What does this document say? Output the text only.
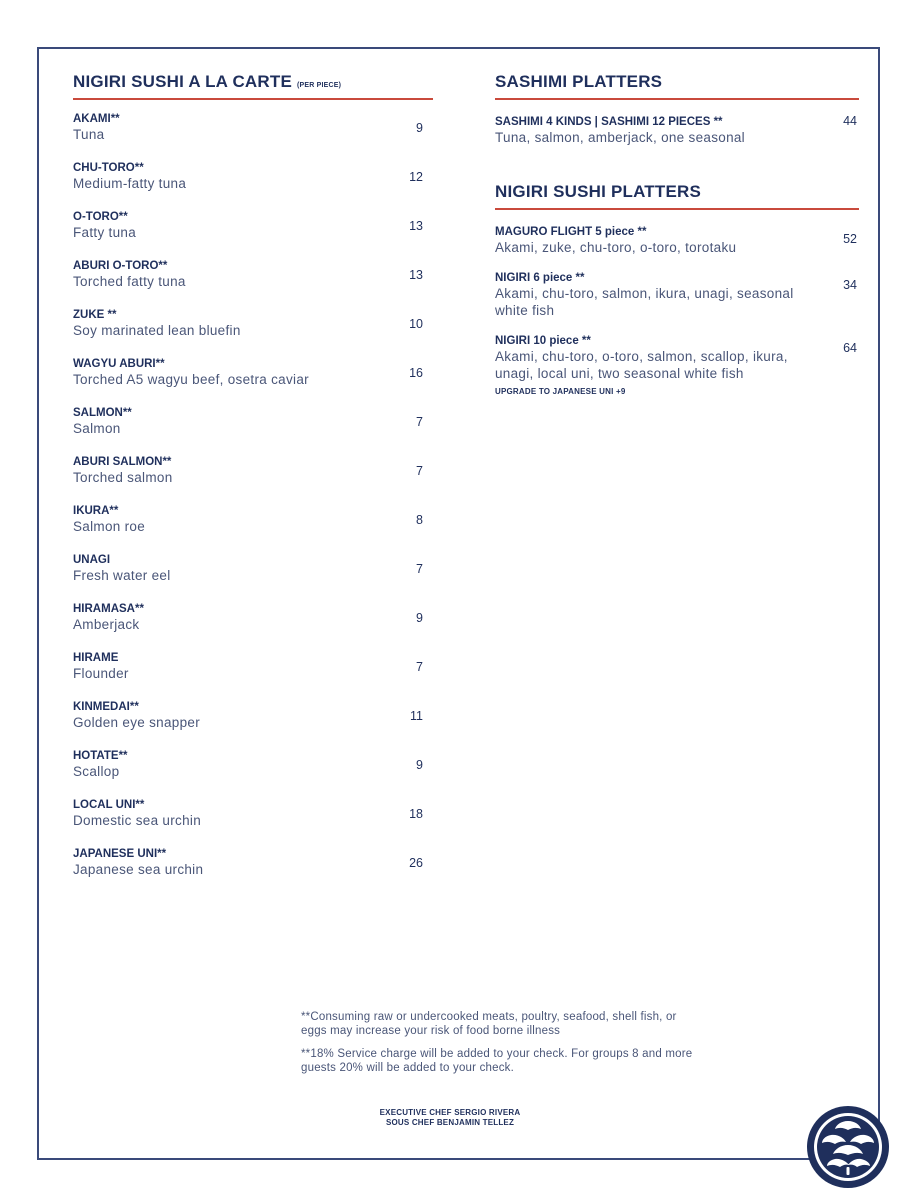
NIGIRI SUSHI A LA CARTE (PER PIECE)
AKAMI**
Tuna	9
CHU-TORO**
Medium-fatty tuna	12
O-TORO**
Fatty tuna	13
ABURI O-TORO**
Torched fatty tuna	13
ZUKE **
Soy marinated lean bluefin	10
WAGYU ABURI**
Torched A5 wagyu beef, osetra caviar	16
SALMON**
Salmon	7
ABURI SALMON**
Torched salmon	7
IKURA**
Salmon roe	8
UNAGI
Fresh water eel	7
HIRAMASA**
Amberjack	9
HIRAME
Flounder	7
KINMEDAI**
Golden eye snapper	11
HOTATE**
Scallop	9
LOCAL UNI**
Domestic sea urchin	18
JAPANESE UNI**
Japanese sea urchin	26
SASHIMI PLATTERS
SASHIMI 4 KINDS | SASHIMI 12 PIECES **
Tuna, salmon, amberjack, one seasonal
44
NIGIRI SUSHI PLATTERS
MAGURO FLIGHT 5 piece **
Akami, zuke, chu-toro, o-toro, torotaku
52
NIGIRI 6 piece **
Akami, chu-toro, salmon, ikura, unagi, seasonal white fish
34
NIGIRI 10 piece **
Akami, chu-toro, o-toro, salmon, scallop, ikura, unagi, local uni, two seasonal white fish
64
UPGRADE TO JAPANESE UNI +9

**Consuming raw or undercooked meats, poultry, seafood, shell fish, or eggs may increase your risk of food borne illness

**18% Service charge will be added to your check. For groups 8 and more guests 20% will be added to your check.

EXECUTIVE CHEF SERGIO RIVERA
SOUS CHEF BENJAMIN TELLEZ
